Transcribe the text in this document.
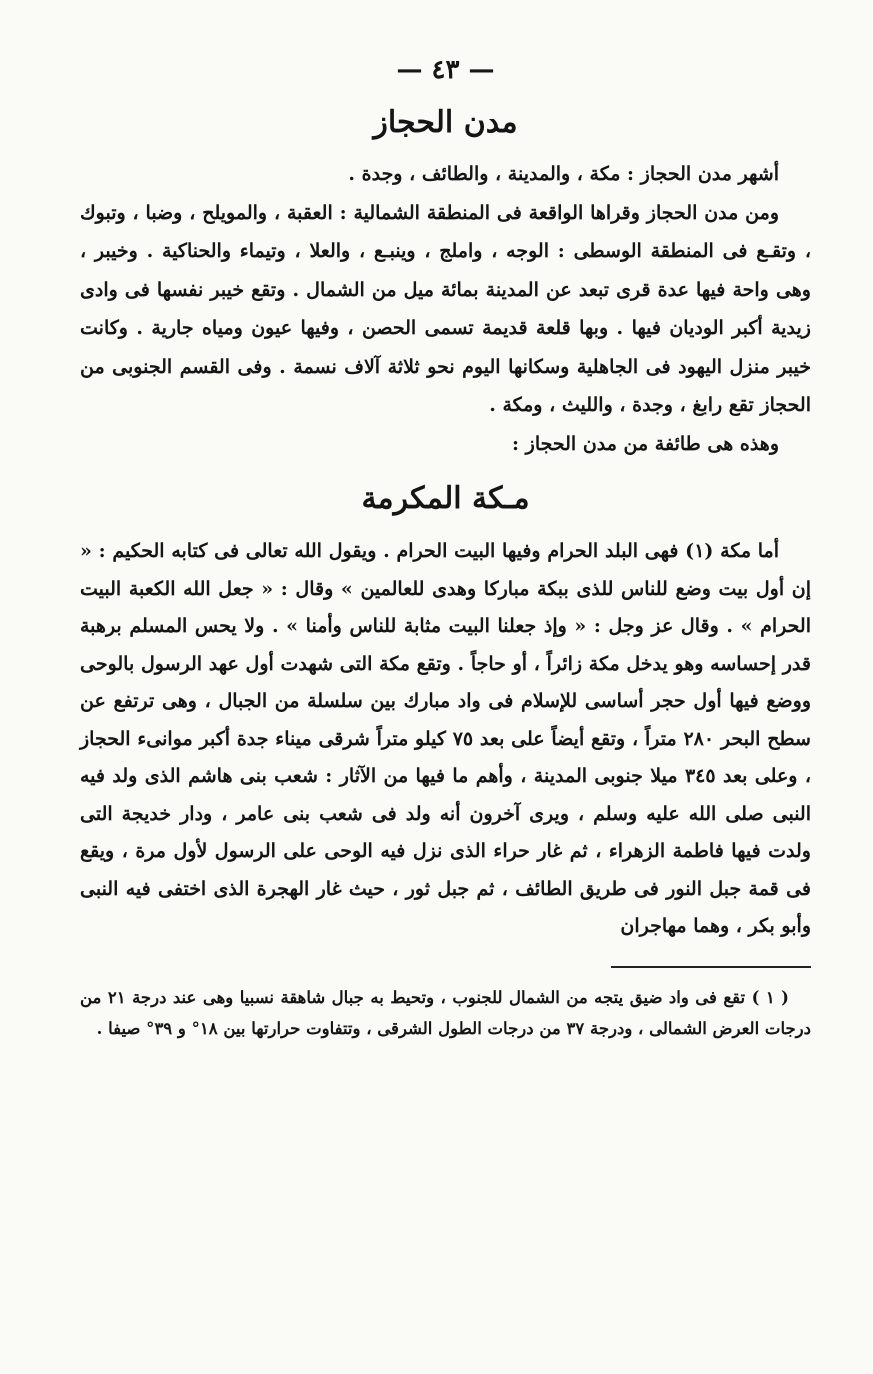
— ٤٣ —
مدن الحجاز

أشهر مدن الحجاز : مكة ، والمدينة ، والطائف ، وجدة .

ومن مدن الحجاز وقراها الواقعة فى المنطقة الشمالية : العقبة ، والمويلح ، وضبا ، وتبوك ، وتقـع فى المنطقة الوسطى : الوجه ، واملج ، وينبـع ، والعلا ، وتيماء والحناكية . وخيبر ، وهى واحة فيها عدة قرى تبعد عن المدينة بمائة ميل من الشمال . وتقع خيبر نفسها فى وادى زيدية أكبر الوديان فيها . وبها قلعة قديمة تسمى الحصن ، وفيها عيون ومياه جارية . وكانت خيبر منزل اليهود فى الجاهلية وسكانها اليوم نحو ثلاثة آلاف نسمة . وفى القسم الجنوبى من الحجاز تقع رابغ ، وجدة ، والليث ، ومكة .

وهذه هى طائفة من مدن الحجاز :

مـكة المكرمة

أما مكة (١) فهى البلد الحرام وفيها البيت الحرام . ويقول الله تعالى فى كتابه الحكيم : « إن أول بيت وضع للناس للذى ببكة مباركا وهدى للعالمين » وقال : « جعل الله الكعبة البيت الحرام » . وقال عز وجل : « وإذ جعلنا البيت مثابة للناس وأمنا » . ولا يحس المسلم برهبة قدر إحساسه وهو يدخل مكة زائراً ، أو حاجاً . وتقع مكة التى شهدت أول عهد الرسول بالوحى ووضع فيها أول حجر أساسى للإسلام فى واد مبارك بين سلسلة من الجبال ، وهى ترتفع عن سطح البحر ٢٨٠ متراً ، وتقع أيضاً على بعد ٧٥ كيلو متراً شرقى ميناء جدة أكبر موانىء الحجاز ، وعلى بعد ٣٤٥ ميلا جنوبى المدينة ، وأهم ما فيها من الآثار : شعب بنى هاشم الذى ولد فيه النبى صلى الله عليه وسلم ، ويرى آخرون أنه ولد فى شعب بنى عامر ، ودار خديجة التى ولدت فيها فاطمة الزهراء ، ثم غار حراء الذى نزل فيه الوحى على الرسول لأول مرة ، ويقع فى قمة جبل النور فى طريق الطائف ، ثم جبل ثور ، حيث غار الهجرة الذى اختفى فيه النبى وأبو بكر ، وهما مهاجران

( ١ ) تقع فى واد ضيق يتجه من الشمال للجنوب ، وتحيط به جبال شاهقة نسبيا وهى عند درجة ٢١ من درجات العرض الشمالى ، ودرجة ٣٧ من درجات الطول الشرقى ، وتتفاوت حرارتها بين ١٨° و ٣٩° صيفا .
